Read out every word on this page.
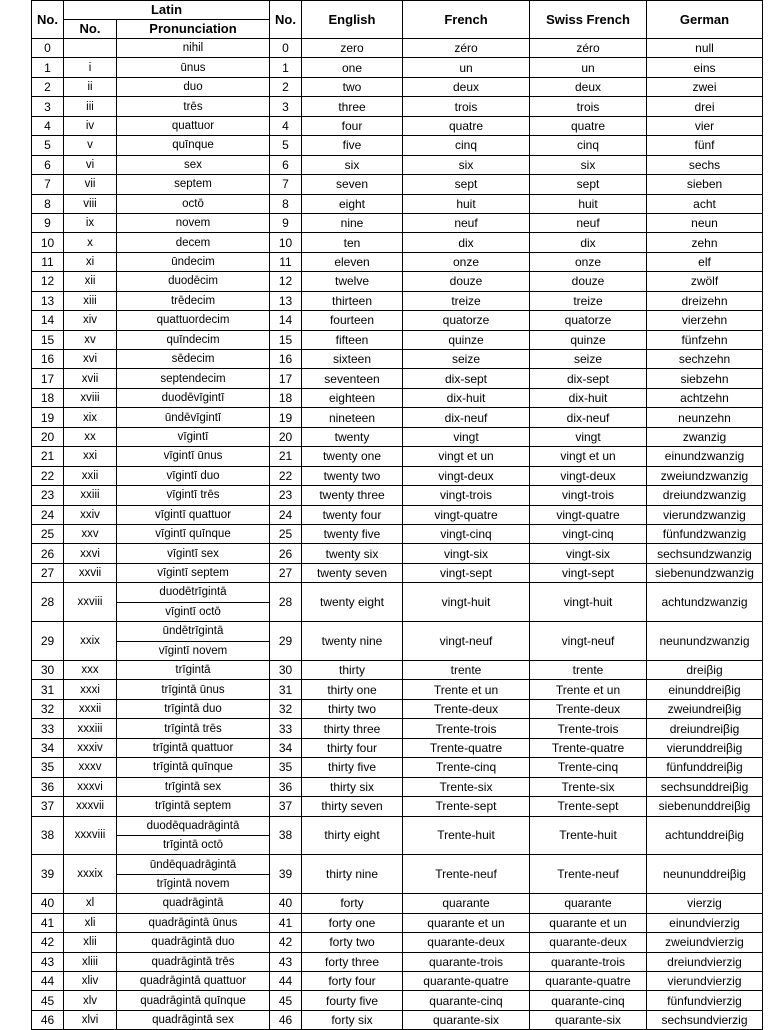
No.	Latin		No.	English	French	Swiss French	German
	No.	Pronunciation					
0		nihil	0	zero	zéro	zéro	null
1	i	ūnus	1	one	un	un	eins
2	ii	duo	2	two	deux	deux	zwei
3	iii	trēs	3	three	trois	trois	drei
4	iv	quattuor	4	four	quatre	quatre	vier
5	v	quīnque	5	five	cinq	cinq	fünf
6	vi	sex	6	six	six	six	sechs
7	vii	septem	7	seven	sept	sept	sieben
8	viii	octō	8	eight	huit	huit	acht
9	ix	novem	9	nine	neuf	neuf	neun
10	x	decem	10	ten	dix	dix	zehn
11	xi	ūndecim	11	eleven	onze	onze	elf
12	xii	duodēcim	12	twelve	douze	douze	zwölf
13	xiii	trēdecim	13	thirteen	treize	treize	dreizehn
14	xiv	quattuordecim	14	fourteen	quatorze	quatorze	vierzehn
15	xv	quīndecim	15	fifteen	quinze	quinze	fünfzehn
16	xvi	sēdecim	16	sixteen	seize	seize	sechzehn
17	xvii	septendecim	17	seventeen	dix-sept	dix-sept	siebzehn
18	xviii	duodēvīgintī	18	eighteen	dix-huit	dix-huit	achtzehn
19	xix	ūndēvīgintī	19	nineteen	dix-neuf	dix-neuf	neunzehn
20	xx	vīgintī	20	twenty	vingt	vingt	zwanzig
21	xxi	vīgintī ūnus	21	twenty one	vingt et un	vingt et un	einundzwanzig
22	xxii	vīgintī duo	22	twenty two	vingt-deux	vingt-deux	zweiundzwanzig
23	xxiii	vīgintī trēs	23	twenty three	vingt-trois	vingt-trois	dreiundzwanzig
24	xxiv	vīgintī quattuor	24	twenty four	vingt-quatre	vingt-quatre	vierundzwanzig
25	xxv	vīgintī quīnque	25	twenty five	vingt-cinq	vingt-cinq	fünfundzwanzig
26	xxvi	vīgintī sex	26	twenty six	vingt-six	vingt-six	sechsundzwanzig
27	xxvii	vīgintī septem	27	twenty seven	vingt-sept	vingt-sept	siebenundzwanzig
28	xxviii	duodētrīgintā	28	twenty eight	vingt-huit	vingt-huit	achtundzwanzig
		vīgintī octō					
29	xxix	ūndētrīgintā	29	twenty nine	vingt-neuf	vingt-neuf	neunundzwanzig
		vīgintī novem					
30	xxx	trīgintā	30	thirty	trente	trente	dreiβig
31	xxxi	trīgintā ūnus	31	thirty one	Trente et un	Trente et un	einunddreiβig
32	xxxii	trīgintā duo	32	thirty two	Trente-deux	Trente-deux	zweiundreiβig
33	xxxiii	trīgintā trēs	33	thirty three	Trente-trois	Trente-trois	dreiundreiβig
34	xxxiv	trīgintā quattuor	34	thirty four	Trente-quatre	Trente-quatre	vierunddreiβig
35	xxxv	trīgintā quīnque	35	thirty five	Trente-cinq	Trente-cinq	fünfunddreiβig
36	xxxvi	trīgintā sex	36	thirty six	Trente-six	Trente-six	sechsunddreiβig
37	xxxvii	trīgintā septem	37	thirty seven	Trente-sept	Trente-sept	siebenunddreiβig
38	xxxviii	duodēquadrāgintā	38	thirty eight	Trente-huit	Trente-huit	achtunddreiβig
		trīgintā octō					
39	xxxix	ūndēquadrāgintā	39	thirty nine	Trente-neuf	Trente-neuf	neununddreiβig
		trīgintā novem					
40	xl	quadrāgintā	40	forty	quarante	quarante	vierzig
41	xli	quadrāgintā ūnus	41	forty one	quarante et un	quarante et un	einundvierzig
42	xlii	quadrāgintā duo	42	forty two	quarante-deux	quarante-deux	zweiundvierzig
43	xliii	quadrāgintā trēs	43	forty three	quarante-trois	quarante-trois	dreiundvierzig
44	xliv	quadrāgintā quattuor	44	forty four	quarante-quatre	quarante-quatre	vierundvierzig
45	xlv	quadrāgintā quīnque	45	fourty five	quarante-cinq	quarante-cinq	fünfundvierzig
46	xlvi	quadrāgintā sex	46	forty six	quarante-six	quarante-six	sechsundvierzig
